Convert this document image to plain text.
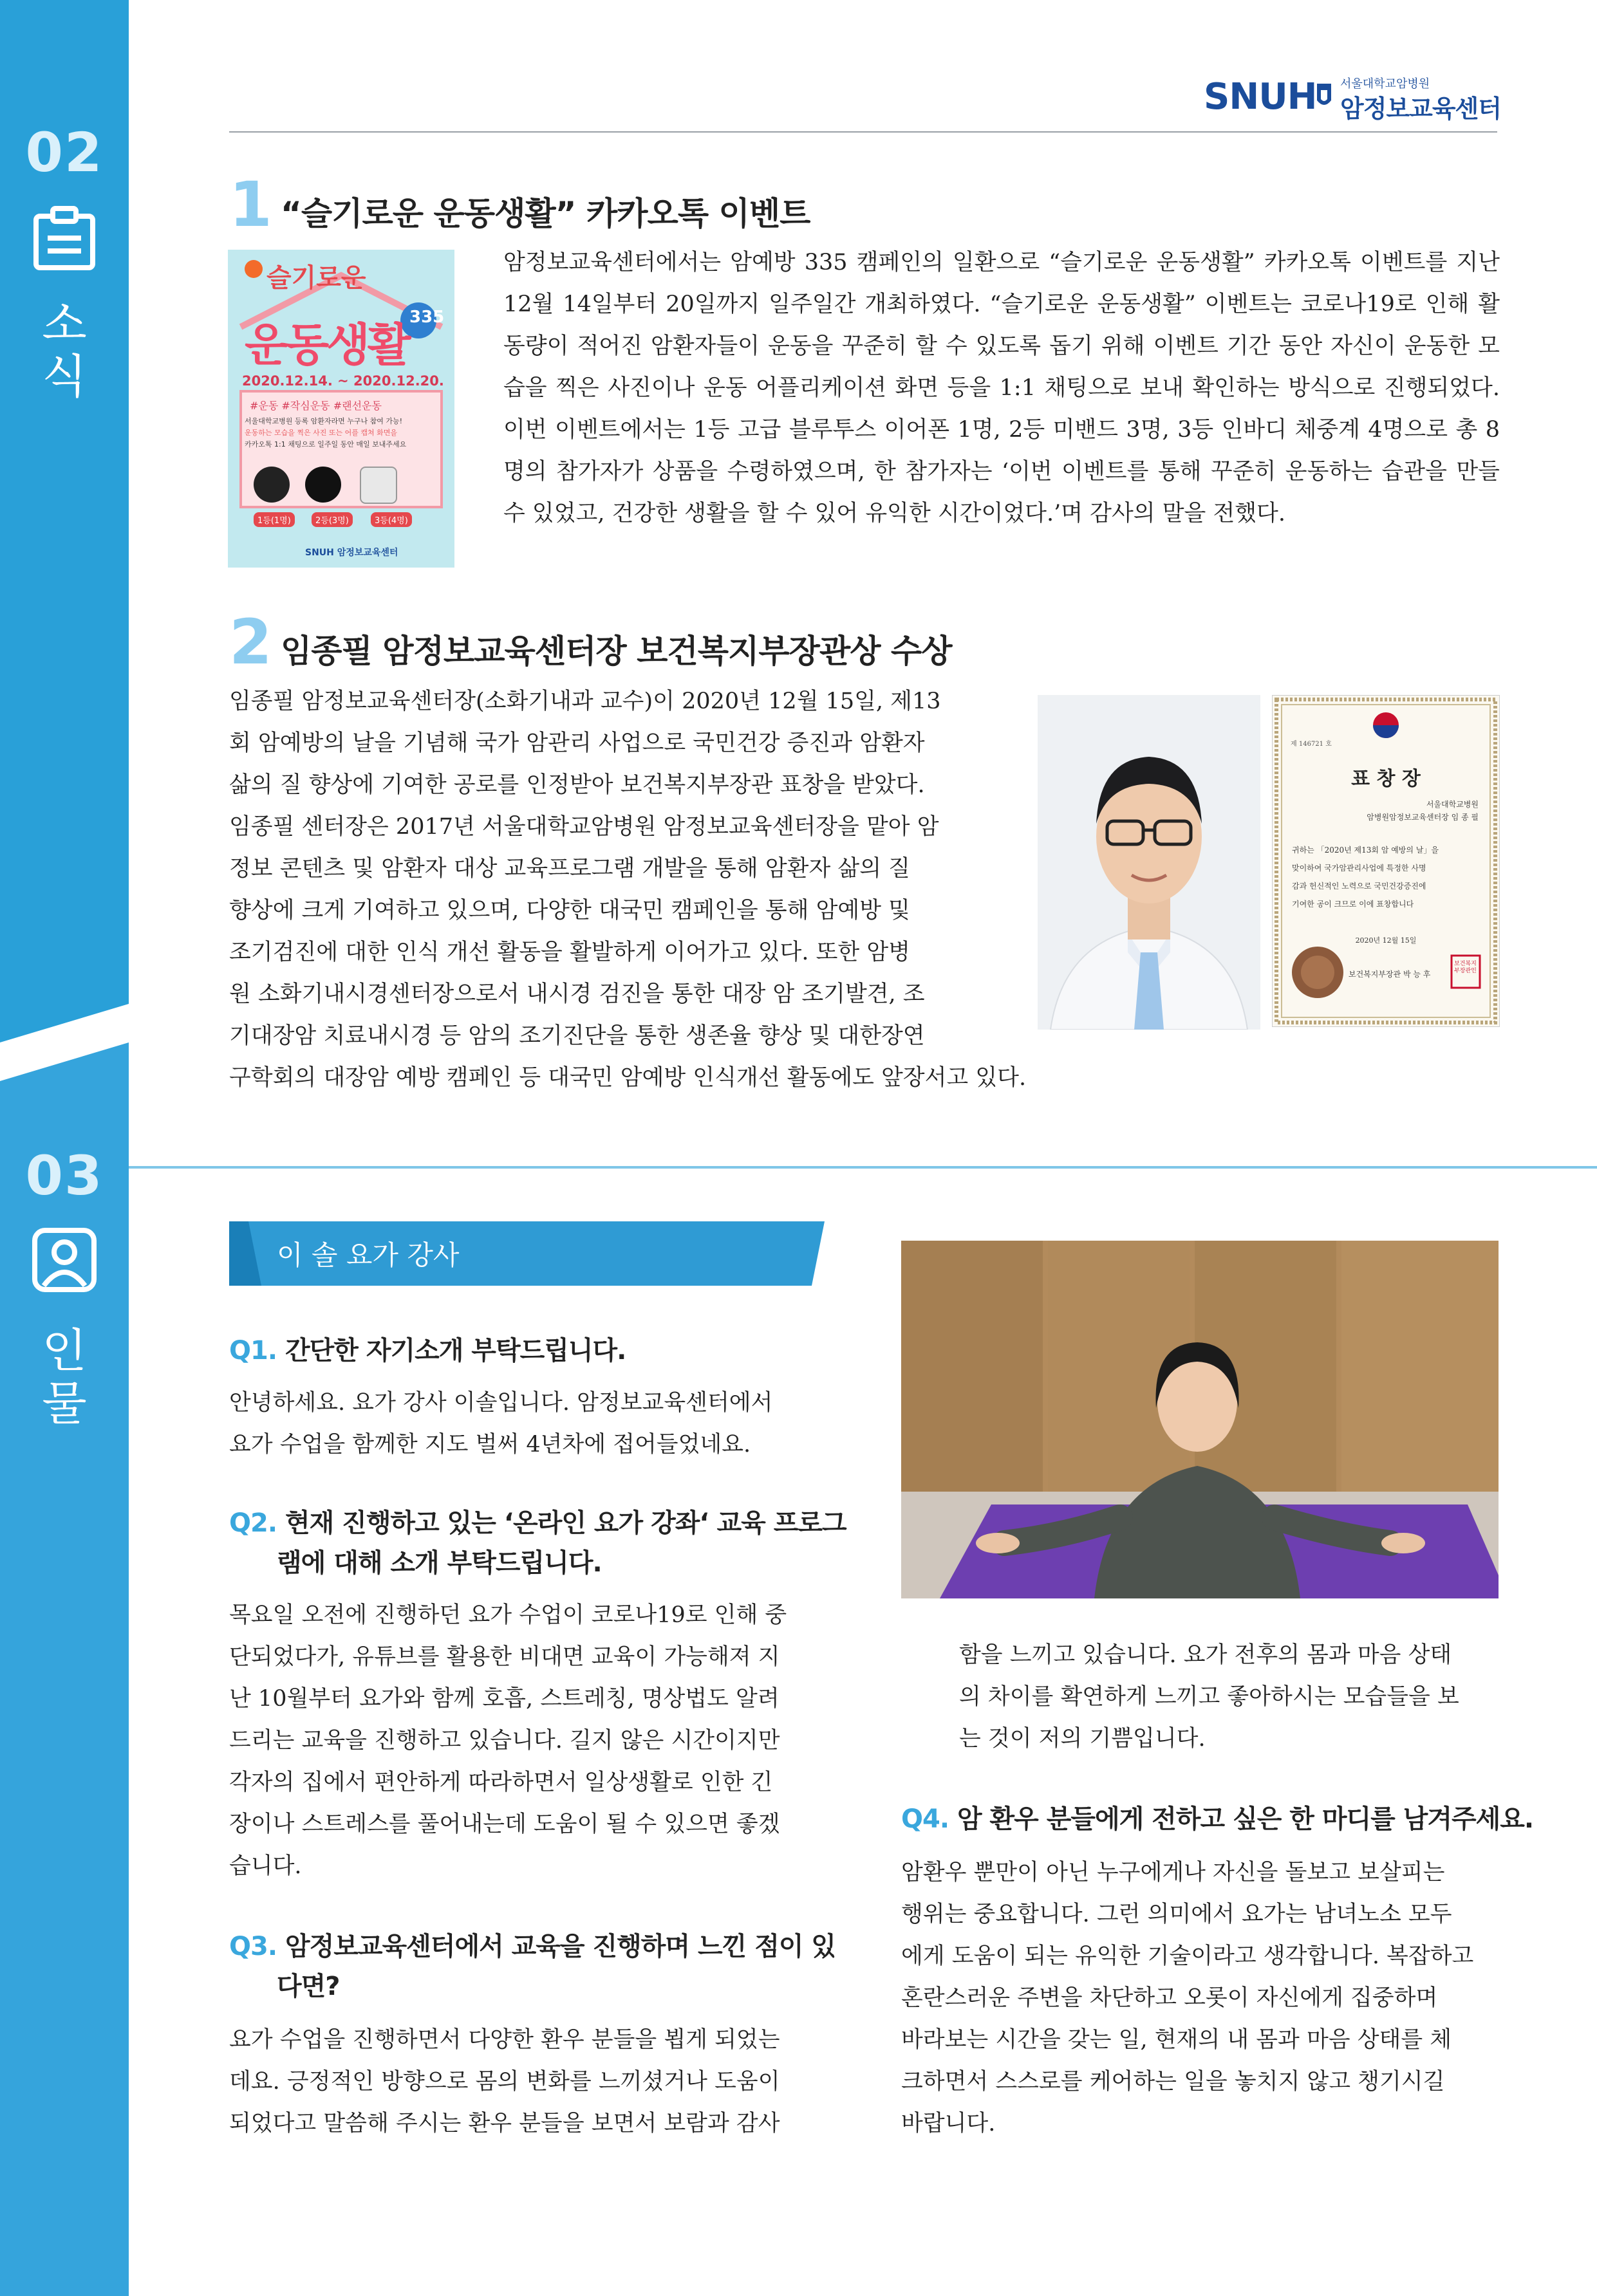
02
소
식
03
인
물
SNUH 서울대학교암병원
암정보교육센터
1 “슬기로운 운동생활” 카카오톡 이벤트
슬기로운
335
운동생활
2020.12.14. ~ 2020.12.20.
#운동 #작심운동 #랜선운동
서울대학교병원 등록 암환자라면 누구나 참여 가능!
운동하는 모습을 찍은 사진 또는 어플 캡쳐 화면을
카카오톡 1:1 채팅으로 일주일 동안 매일 보내주세요
1등(1명)	2등(3명)	3등(4명)
SNUH 암정보교육센터
암정보교육센터에서는 암예방 335 캠페인의 일환으로 “슬기로운 운동생활” 카카오톡 이벤트를 지난 12월 14일부터 20일까지 일주일간 개최하였다. “슬기로운 운동생활” 이벤트는 코로나19로 인해 활동량이 적어진 암환자들이 운동을 꾸준히 할 수 있도록 돕기 위해 이벤트 기간 동안 자신이 운동한 모습을 찍은 사진이나 운동 어플리케이션 화면 등을 1:1 채팅으로 보내 확인하는 방식으로 진행되었다. 이번 이벤트에서는 1등 고급 블루투스 이어폰 1명, 2등 미밴드 3명, 3등 인바디 체중계 4명으로 총 8명의 참가자가 상품을 수령하였으며, 한 참가자는 ‘이번 이벤트를 통해 꾸준히 운동하는 습관을 만들 수 있었고, 건강한 생활을 할 수 있어 유익한 시간이었다.’며 감사의 말을 전했다.
2 임종필 암정보교육센터장 보건복지부장관상 수상
임종필 암정보교육센터장(소화기내과 교수)이 2020년 12월 15일, 제13
회 암예방의 날을 기념해 국가 암관리 사업으로 국민건강 증진과 암환자
삶의 질 향상에 기여한 공로를 인정받아 보건복지부장관 표창을 받았다.
임종필 센터장은 2017년 서울대학교암병원 암정보교육센터장을 맡아 암
정보 콘텐츠 및 암환자 대상 교육프로그램 개발을 통해 암환자 삶의 질
향상에 크게 기여하고 있으며, 다양한 대국민 캠페인을 통해 암예방 및
조기검진에 대한 인식 개선 활동을 활발하게 이어가고 있다. 또한 암병
원 소화기내시경센터장으로서 내시경 검진을 통한 대장 암 조기발견, 조
기대장암 치료내시경 등 암의 조기진단을 통한 생존율 향상 및 대한장연
구학회의 대장암 예방 캠페인 등 대국민 암예방 인식개선 활동에도 앞장서고 있다.
제 146721 호
표 창 장
서울대학교병원
암병원암정보교육센터장 임 종 필
귀하는 「2020년 제13회 암 예방의 날」을
맞이하여 국가암관리사업에 특정한 사명
감과 헌신적인 노력으로 국민건강증진에
기여한 공이 크므로 이에 표창합니다
2020년 12월 15일
보건복지부장관 박 능 후
보건복지부장관인
이 솔 요가 강사
Q1. 간단한 자기소개 부탁드립니다.
안녕하세요. 요가 강사 이솔입니다. 암정보교육센터에서
요가 수업을 함께한 지도 벌써 4년차에 접어들었네요.
Q2. 현재 진행하고 있는 ‘온라인 요가 강좌‘ 교육 프로그
램에 대해 소개 부탁드립니다.
목요일 오전에 진행하던 요가 수업이 코로나19로 인해 중
단되었다가, 유튜브를 활용한 비대면 교육이 가능해져 지
난 10월부터 요가와 함께 호흡, 스트레칭, 명상법도 알려
드리는 교육을 진행하고 있습니다. 길지 않은 시간이지만
각자의 집에서 편안하게 따라하면서 일상생활로 인한 긴
장이나 스트레스를 풀어내는데 도움이 될 수 있으면 좋겠
습니다.
Q3. 암정보교육센터에서 교육을 진행하며 느낀 점이 있
다면?
요가 수업을 진행하면서 다양한 환우 분들을 뵙게 되었는
데요. 긍정적인 방향으로 몸의 변화를 느끼셨거나 도움이
되었다고 말씀해 주시는 환우 분들을 보면서 보람과 감사
함을 느끼고 있습니다. 요가 전후의 몸과 마음 상태
의 차이를 확연하게 느끼고 좋아하시는 모습들을 보
는 것이 저의 기쁨입니다.
Q4. 암 환우 분들에게 전하고 싶은 한 마디를 남겨주세요.
암환우 뿐만이 아닌 누구에게나 자신을 돌보고 보살피는
행위는 중요합니다. 그런 의미에서 요가는 남녀노소 모두
에게 도움이 되는 유익한 기술이라고 생각합니다. 복잡하고
혼란스러운 주변을 차단하고 오롯이 자신에게 집중하며
바라보는 시간을 갖는 일, 현재의 내 몸과 마음 상태를 체
크하면서 스스로를 케어하는 일을 놓치지 않고 챙기시길
바랍니다.
